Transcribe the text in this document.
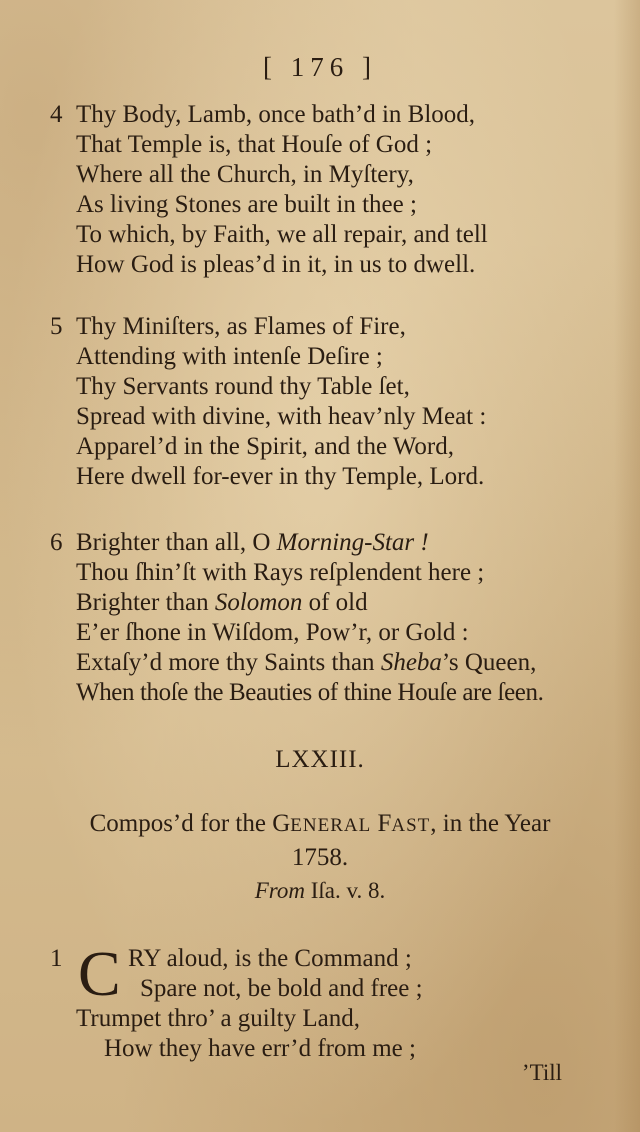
[ 176 ]
4 Thy Body, Lamb, once bath’d in Blood,
That Temple is, that Houſe of God ;
Where all the Church, in Myſtery,
As living Stones are built in thee ;
To which, by Faith, we all repair, and tell
How God is pleas’d in it, in us to dwell.
5 Thy Miniſters, as Flames of Fire,
Attending with intenſe Deſire ;
Thy Servants round thy Table ſet,
Spread with divine, with heav’nly Meat :
Apparel’d in the Spirit, and the Word,
Here dwell for-ever in thy Temple, Lord.
6 Brighter than all, O Morning-Star !
Thou ſhin’ſt with Rays reſplendent here ;
Brighter than Solomon of old
E’er ſhone in Wiſdom, Pow’r, or Gold :
Extaſy’d more thy Saints than Sheba’s Queen,
When thoſe the Beauties of thine Houſe are ſeen.
LXXIII.
Compos’d for the GENERAL FAST, in the Year
1758.
From Iſa. v. 8.
1 C RY aloud, is the Command ;
Spare not, be bold and free ;
Trumpet thro’ a guilty Land,
How they have err’d from me ;
’Till
